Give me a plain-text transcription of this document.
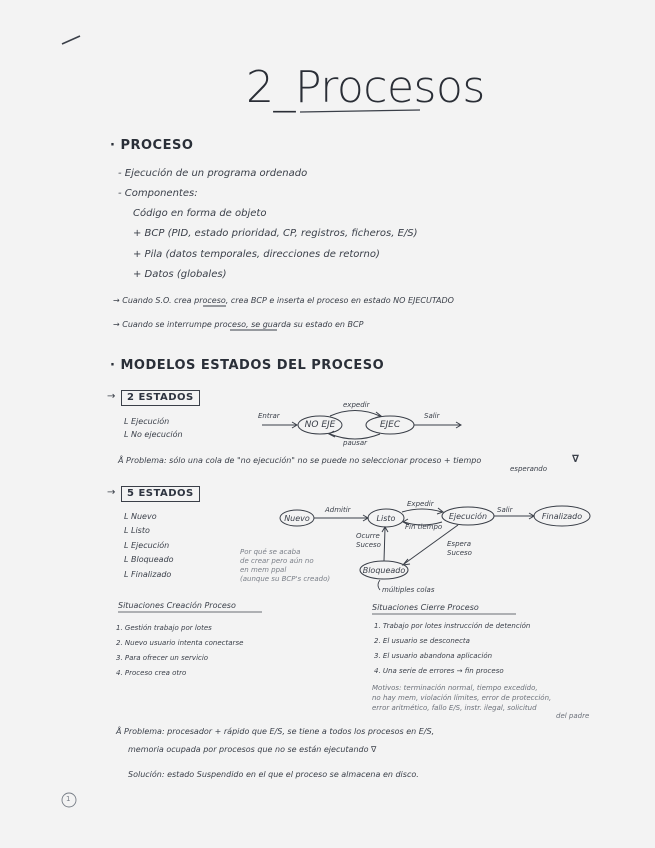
2_Procesos
· PROCESO
- Ejecución de un programa ordenado
- Componentes:
Código en forma de objeto
+ BCP (PID, estado prioridad, CP, registros, ficheros, E/S)
+ Pila (datos temporales, direcciones de retorno)
+ Datos (globales)
→ Cuando S.O. crea proceso, crea BCP e inserta el proceso en estado NO EJECUTADO
→ Cuando se interrumpe proceso, se guarda su estado en BCP
· MODELOS ESTADOS DEL PROCESO
→	2 ESTADOS
L Ejecución
L No ejecución
Entrar
NO EJE	EJEC
Salir
expedir
pausar
Å Problema: sólo una cola de "no ejecución" no se puede no seleccionar proceso + tiempo
esperando
∇
→	5 ESTADOS
L Nuevo
L Listo
L Ejecución
L Bloqueado
L Finalizado
Nuevo
Admitir
Listo
Expedir
Fin tiempo
Ejecución
Salir
Finalizado
Ocurre
Suceso	Espera
Suceso
Bloqueado
múltiples colas
Por qué se acaba
de crear pero aún no
en mem ppal
(aunque su BCP's creado)
Situaciones Creación Proceso
1. Gestión trabajo por lotes
2. Nuevo usuario intenta conectarse
3. Para ofrecer un servicio
4. Proceso crea otro
Situaciones Cierre Proceso
1. Trabajo por lotes instrucción de detención
2. El usuario se desconecta
3. El usuario abandona aplicación
4. Una serie de errores → fin proceso
Motivos: terminación normal, tiempo excedido,
no hay mem, violación límites, error de protección,
error aritmético, fallo E/S, instr. ilegal, solicitud
del padre
Å Problema: procesador + rápido que E/S, se tiene a todos los procesos en E/S,
memoria ocupada por procesos que no se están ejecutando ∇
Solución: estado Suspendido en el que el proceso se almacena en disco.
1
